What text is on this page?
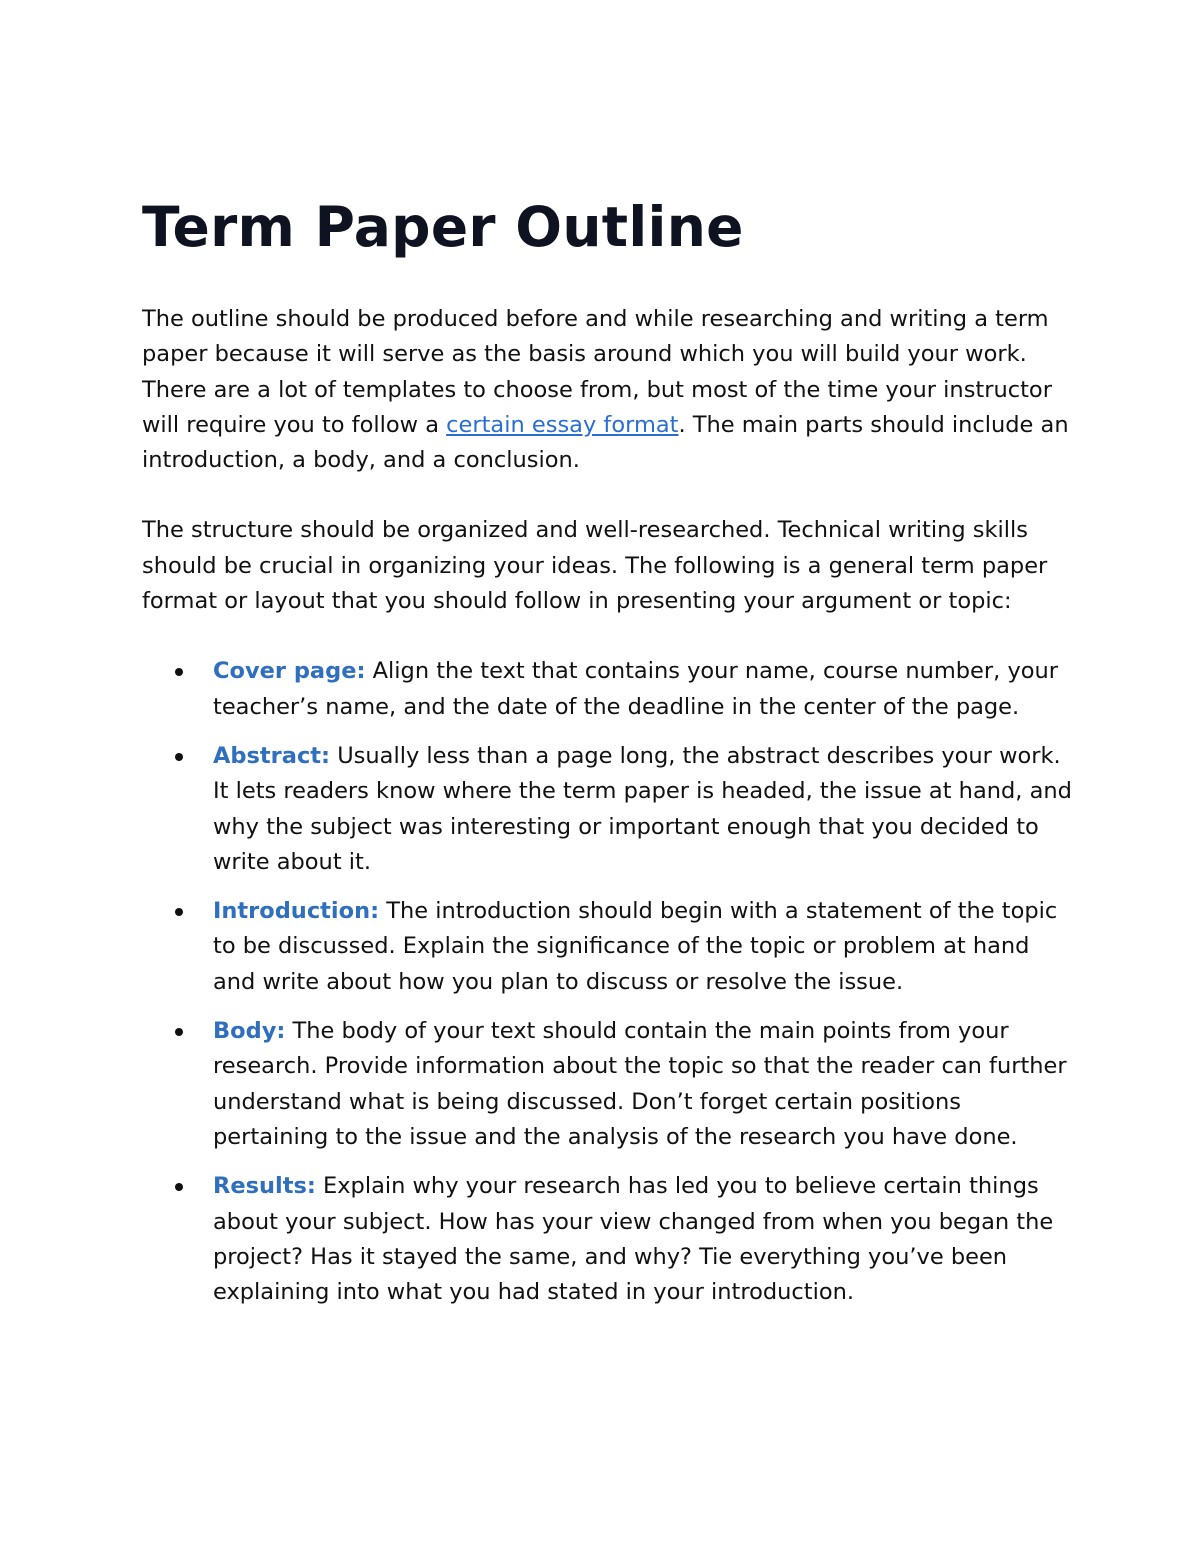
Term Paper Outline

The outline should be produced before and while researching and writing a term paper because it will serve as the basis around which you will build your work. There are a lot of templates to choose from, but most of the time your instructor will require you to follow a certain essay format. The main parts should include an introduction, a body, and a conclusion.

The structure should be organized and well-researched. Technical writing skills should be crucial in organizing your ideas. The following is a general term paper format or layout that you should follow in presenting your argument or topic:

Cover page: Align the text that contains your name, course number, your teacher’s name, and the date of the deadline in the center of the page.
Abstract: Usually less than a page long, the abstract describes your work. It lets readers know where the term paper is headed, the issue at hand, and why the subject was interesting or important enough that you decided to write about it.
Introduction: The introduction should begin with a statement of the topic to be discussed. Explain the significance of the topic or problem at hand and write about how you plan to discuss or resolve the issue.
Body: The body of your text should contain the main points from your research. Provide information about the topic so that the reader can further understand what is being discussed. Don’t forget certain positions pertaining to the issue and the analysis of the research you have done.
Results: Explain why your research has led you to believe certain things about your subject. How has your view changed from when you began the project? Has it stayed the same, and why? Tie everything you’ve been explaining into what you had stated in your introduction.
